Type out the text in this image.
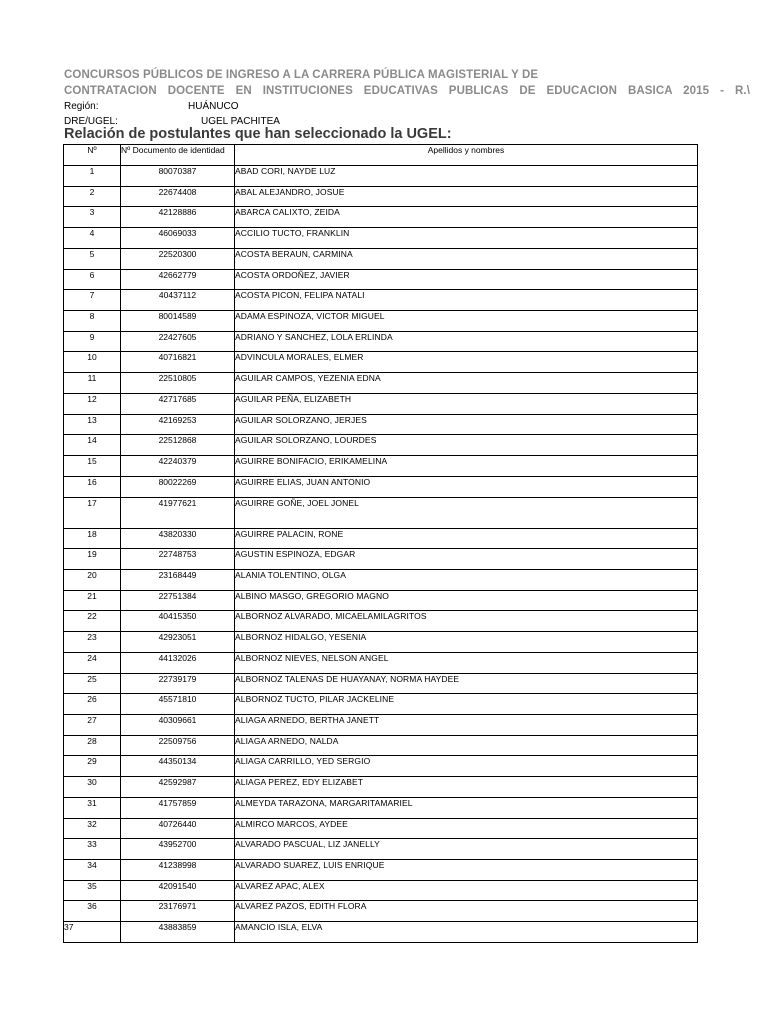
CONCURSOS PÚBLICOS DE INGRESO A LA CARRERA PÚBLICA MAGISTERIAL Y DE
CONTRATACIÓN DOCENTE EN INSTITUCIONES EDUCATIVAS PÚBLICAS DE EDUCACIÓN BÁSICA 2015 - R.\
Región:	HUÁNUCO
DRE/UGEL:	UGEL PACHITEA
Relación de postulantes que han seleccionado la UGEL:
Nº	Nº Documento de identidad	Apellidos y nombres
1	80070387	ABAD CORI, NAYDE LUZ
2	22674408	ABAL ALEJANDRO, JOSUE
3	42128886	ABARCA CALIXTO, ZEIDA
4	46069033	ACCILIO TUCTO, FRANKLIN
5	22520300	ACOSTA BERAUN, CARMINA
6	42662779	ACOSTA ORDOÑEZ, JAVIER
7	40437112	ACOSTA PICON, FELIPA NATALI
8	80014589	ADAMA ESPINOZA, VICTOR MIGUEL
9	22427605	ADRIANO Y SANCHEZ, LOLA ERLINDA
10	40716821	ADVINCULA MORALES, ELMER
11	22510805	AGUILAR CAMPOS, YEZENIA EDNA
12	42717685	AGUILAR PEÑA, ELIZABETH
13	42169253	AGUILAR SOLORZANO, JERJES
14	22512868	AGUILAR SOLORZANO, LOURDES
15	42240379	AGUIRRE BONIFACIO, ERIKAMELINA
16	80022269	AGUIRRE ELIAS, JUAN ANTONIO
17	41977621	AGUIRRE GOÑE, JOEL JONEL
18	43820330	AGUIRRE PALACIN, RONE
19	22748753	AGUSTIN ESPINOZA, EDGAR
20	23168449	ALANIA TOLENTINO, OLGA
21	22751384	ALBINO MASGO, GREGORIO MAGNO
22	40415350	ALBORNOZ ALVARADO, MICAELAMILAGRITOS
23	42923051	ALBORNOZ HIDALGO, YESENIA
24	44132026	ALBORNOZ NIEVES, NELSON ANGEL
25	22739179	ALBORNOZ TALENAS DE HUAYANAY, NORMA HAYDEE
26	45571810	ALBORNOZ TUCTO, PILAR JACKELINE
27	40309661	ALIAGA ARNEDO, BERTHA JANETT
28	22509756	ALIAGA ARNEDO, NALDA
29	44350134	ALIAGA CARRILLO, YED SERGIO
30	42592987	ALIAGA PEREZ, EDY ELIZABET
31	41757859	ALMEYDA TARAZONA, MARGARITAMARIEL
32	40726440	ALMIRCO MARCOS, AYDEE
33	43952700	ALVARADO PASCUAL, LIZ JANELLY
34	41238998	ALVARADO SUAREZ, LUIS ENRIQUE
35	42091540	ALVAREZ APAC, ALEX
36	23176971	ALVAREZ PAZOS, EDITH FLORA
37	43883859	AMANCIO ISLA, ELVA
